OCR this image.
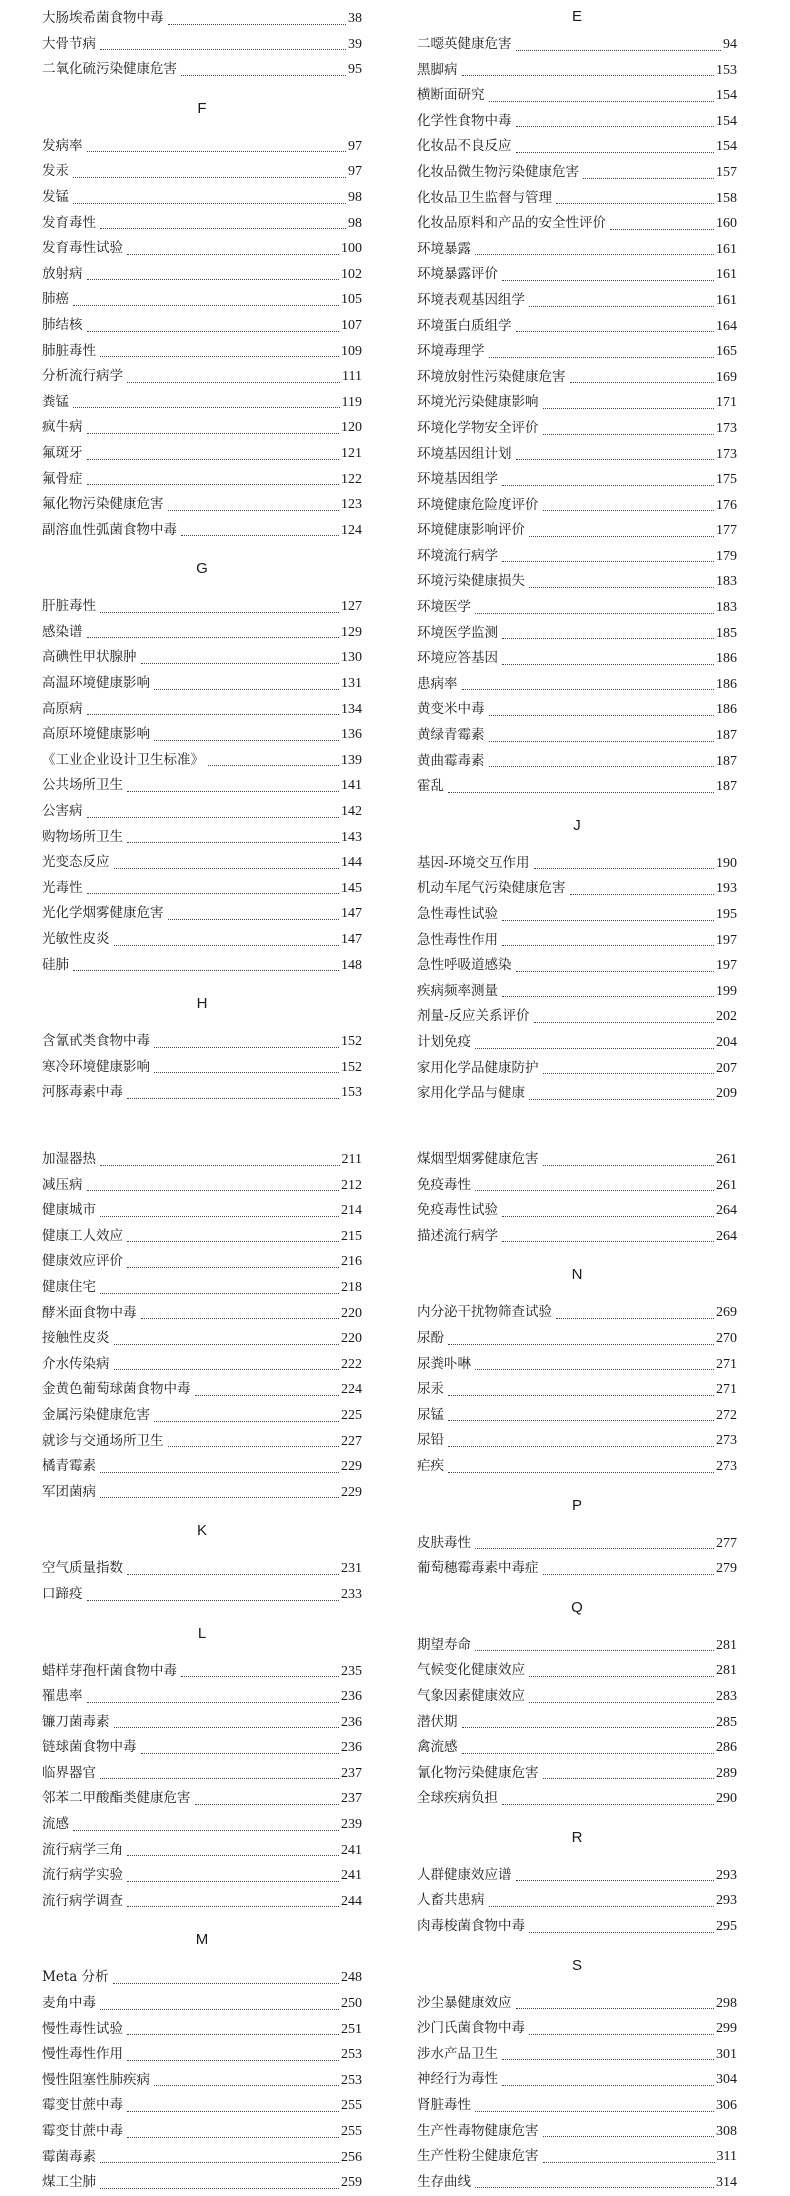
大肠埃希菌食物中毒	38
大骨节病	39
二氧化硫污染健康危害	95
F
发病率	97
发汞	97
发锰	98
发育毒性	98
发育毒性试验	100
放射病	102
肺癌	105
肺结核	107
肺脏毒性	109
分析流行病学	111
粪锰	119
疯牛病	120
氟斑牙	121
氟骨症	122
氟化物污染健康危害	123
副溶血性弧菌食物中毒	124
G
肝脏毒性	127
感染谱	129
高碘性甲状腺肿	130
高温环境健康影响	131
高原病	134
高原环境健康影响	136
《工业企业设计卫生标准》	139
公共场所卫生	141
公害病	142
购物场所卫生	143
光变态反应	144
光毒性	145
光化学烟雾健康危害	147
光敏性皮炎	147
硅肺	148
H
含氰甙类食物中毒	152
寒冷环境健康影响	152
河豚毒素中毒	153
E
二噁英健康危害	94
黑脚病	153
横断面研究	154
化学性食物中毒	154
化妆品不良反应	154
化妆品微生物污染健康危害	157
化妆品卫生监督与管理	158
化妆品原料和产品的安全性评价	160
环境暴露	161
环境暴露评价	161
环境表观基因组学	161
环境蛋白质组学	164
环境毒理学	165
环境放射性污染健康危害	169
环境光污染健康影响	171
环境化学物安全评价	173
环境基因组计划	173
环境基因组学	175
环境健康危险度评价	176
环境健康影响评价	177
环境流行病学	179
环境污染健康损失	183
环境医学	183
环境医学监测	185
环境应答基因	186
患病率	186
黄变米中毒	186
黄绿青霉素	187
黄曲霉毒素	187
霍乱	187
J
基因-环境交互作用	190
机动车尾气污染健康危害	193
急性毒性试验	195
急性毒性作用	197
急性呼吸道感染	197
疾病频率测量	199
剂量-反应关系评价	202
计划免疫	204
家用化学品健康防护	207
家用化学品与健康	209
加湿器热	211
减压病	212
健康城市	214
健康工人效应	215
健康效应评价	216
健康住宅	218
酵米面食物中毒	220
接触性皮炎	220
介水传染病	222
金黄色葡萄球菌食物中毒	224
金属污染健康危害	225
就诊与交通场所卫生	227
橘青霉素	229
军团菌病	229
K
空气质量指数	231
口蹄疫	233
L
蜡样芽孢杆菌食物中毒	235
罹患率	236
镰刀菌毒素	236
链球菌食物中毒	236
临界器官	237
邻苯二甲酸酯类健康危害	237
流感	239
流行病学三角	241
流行病学实验	241
流行病学调查	244
M
Meta 分析	248
麦角中毒	250
慢性毒性试验	251
慢性毒性作用	253
慢性阻塞性肺疾病	253
霉变甘蔗中毒	255
霉变甘蔗中毒	255
霉菌毒素	256
煤工尘肺	259
煤烟型烟雾健康危害	261
免疫毒性	261
免疫毒性试验	264
描述流行病学	264
N
内分泌干扰物筛查试验	269
尿酚	270
尿粪卟啉	271
尿汞	271
尿锰	272
尿铅	273
疟疾	273
P
皮肤毒性	277
葡萄穗霉毒素中毒症	279
Q
期望寿命	281
气候变化健康效应	281
气象因素健康效应	283
潜伏期	285
禽流感	286
氰化物污染健康危害	289
全球疾病负担	290
R
人群健康效应谱	293
人畜共患病	293
肉毒梭菌食物中毒	295
S
沙尘暴健康效应	298
沙门氏菌食物中毒	299
涉水产品卫生	301
神经行为毒性	304
肾脏毒性	306
生产性毒物健康危害	308
生产性粉尘健康危害	311
生存曲线	314
